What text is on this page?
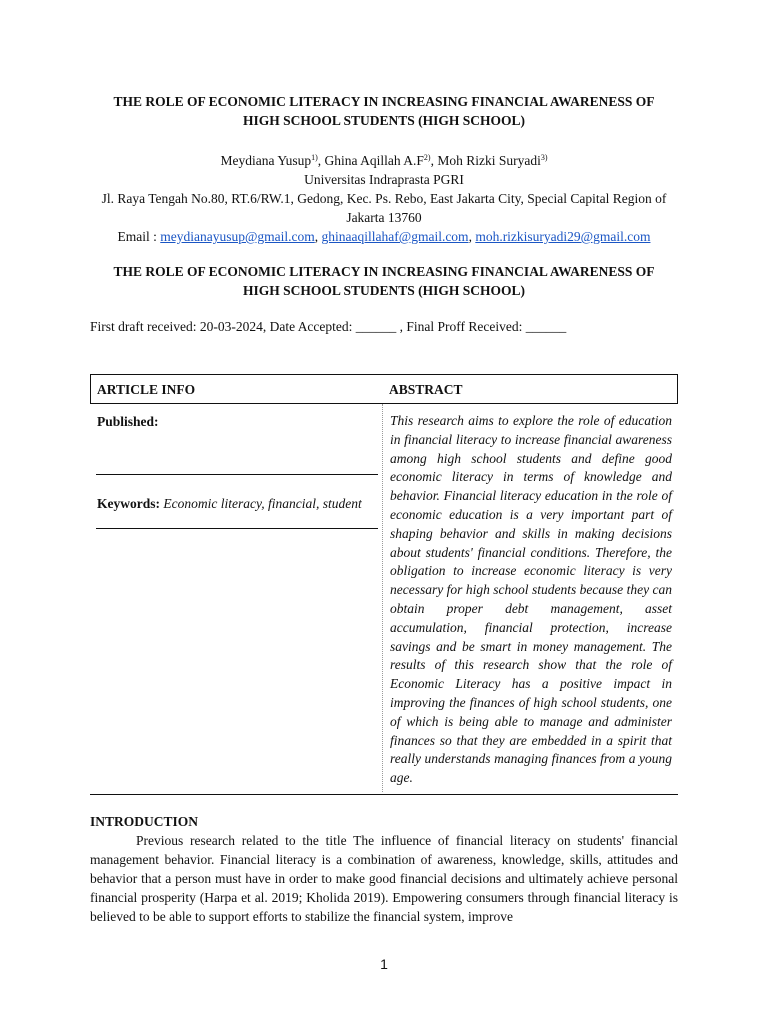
THE ROLE OF ECONOMIC LITERACY IN INCREASING FINANCIAL AWARENESS OF
HIGH SCHOOL STUDENTS (HIGH SCHOOL)
Meydiana Yusup$^{1)}$, Ghina Aqillah $A.F^{2)}$, Moh Rizki Suryadi$^{3)}$
Universitas Indraprasta PGRI
Jl. Raya Tengah No.80, RT.6/RW.1, Gedong, Kec. Ps. Rebo, East Jakarta City, Special Capital Region of
Jakarta 13760
Email : meydianayusup@gmail.com, ghinaaqillahaf@gmail.com, moh.rizkisuryadi29@gmail.com
THE ROLE OF ECONOMIC LITERACY IN INCREASING FINANCIAL AWARENESS OF
HIGH SCHOOL STUDENTS (HIGH SCHOOL)
First draft received: 20-03-2024, Date Accepted: ______ , Final Proff Received: ______
ARTICLE INFO	ABSTRACT
Published:
Keywords: Economic literacy, financial, student
This research aims to explore the role of education in financial literacy to increase financial awareness among high school students and define good economic literacy in terms of knowledge and behavior. Financial literacy education in the role of economic education is a very important part of shaping behavior and skills in making decisions about students' financial conditions. Therefore, the obligation to increase economic literacy is very necessary for high school students because they can obtain proper debt management, asset accumulation, financial protection, increase savings and be smart in money management. The results of this research show that the role of Economic Literacy has a positive impact in improving the finances of high school students, one of which is being able to manage and administer finances so that they are embedded in a spirit that really understands managing finances from a young age.
INTRODUCTION
Previous research related to the title The influence of financial literacy on students' financial management behavior. Financial literacy is a combination of awareness, knowledge, skills, attitudes and behavior that a person must have in order to make good financial decisions and ultimately achieve personal financial prosperity (Harpa et al. 2019; Kholida 2019). Empowering consumers through financial literacy is believed to be able to support efforts to stabilize the financial system, improve
1
